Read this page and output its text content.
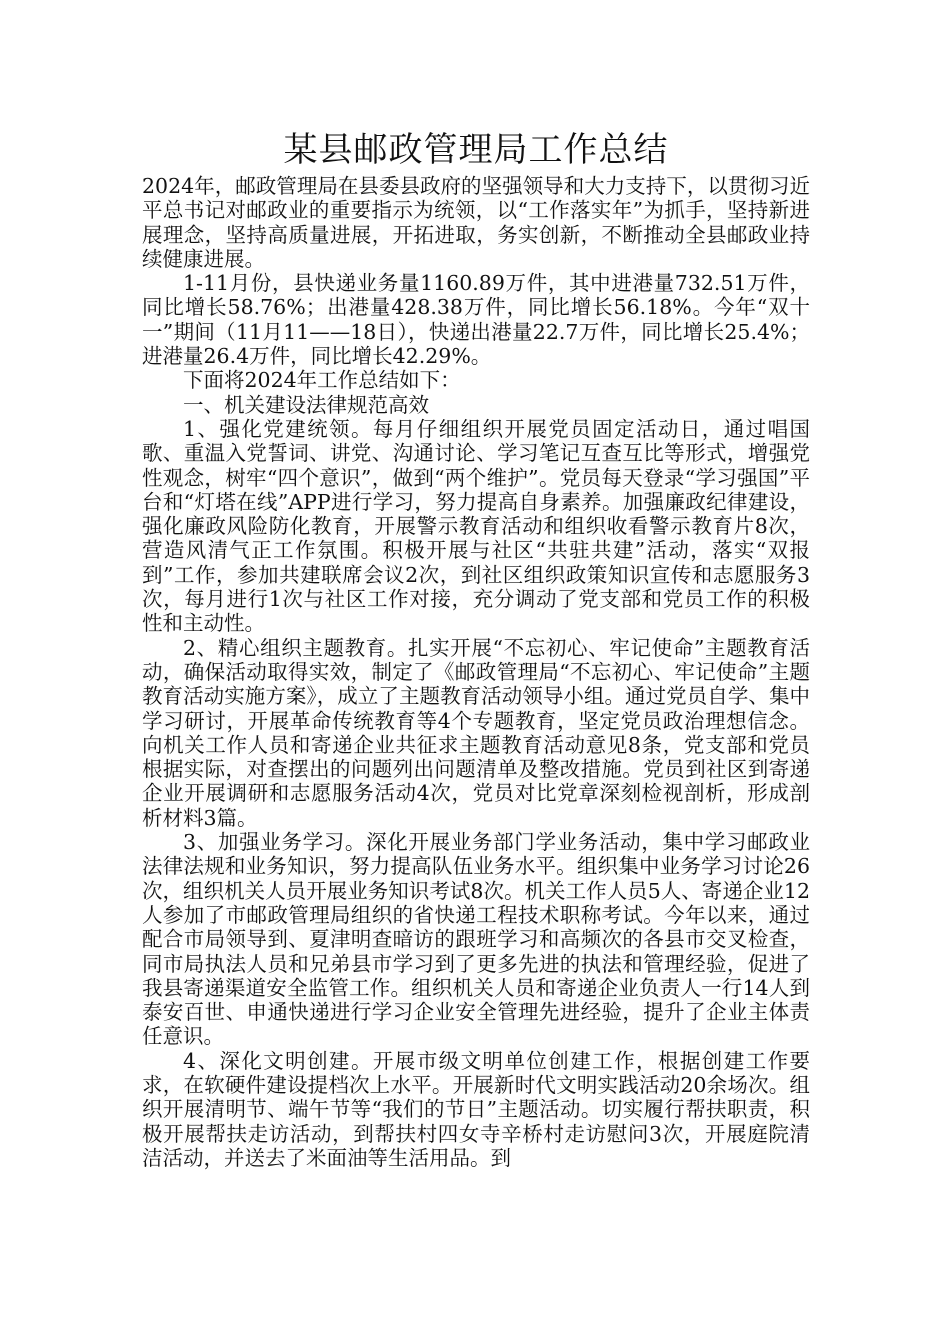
某县邮政管理局工作总结

2024年，邮政管理局在县委县政府的坚强领导和大力支持下，以贯彻习近平总书记对邮政业的重要指示为统领，以“工作落实年”为抓手，坚持新进展理念，坚持高质量进展，开拓进取，务实创新，不断推动全县邮政业持续健康进展。

1-11月份，县快递业务量1160.89万件，其中进港量732.51万件，同比增长58.76%；出港量428.38万件，同比增长56.18%。今年“双十一”期间（11月11——18日），快递出港量22.7万件，同比增长25.4%；进港量26.4万件，同比增长42.29%。

下面将2024年工作总结如下：

一、机关建设法律规范高效

1、强化党建统领。每月仔细组织开展党员固定活动日，通过唱国歌、重温入党誓词、讲党、沟通讨论、学习笔记互查互比等形式，增强党性观念，树牢“四个意识”，做到“两个维护”。党员每天登录“学习强国”平台和“灯塔在线”APP进行学习，努力提高自身素养。加强廉政纪律建设，强化廉政风险防化教育，开展警示教育活动和组织收看警示教育片8次，营造风清气正工作氛围。积极开展与社区“共驻共建”活动，落实“双报到”工作，参加共建联席会议2次，到社区组织政策知识宣传和志愿服务3次，每月进行1次与社区工作对接，充分调动了党支部和党员工作的积极性和主动性。

2、精心组织主题教育。扎实开展“不忘初心、牢记使命”主题教育活动，确保活动取得实效，制定了《邮政管理局“不忘初心、牢记使命”主题教育活动实施方案》，成立了主题教育活动领导小组。通过党员自学、集中学习研讨，开展革命传统教育等4个专题教育，坚定党员政治理想信念。向机关工作人员和寄递企业共征求主题教育活动意见8条，党支部和党员根据实际，对查摆出的问题列出问题清单及整改措施。党员到社区到寄递企业开展调研和志愿服务活动4次，党员对比党章深刻检视剖析，形成剖析材料3篇。

3、加强业务学习。深化开展业务部门学业务活动，集中学习邮政业法律法规和业务知识，努力提高队伍业务水平。组织集中业务学习讨论26次，组织机关人员开展业务知识考试8次。机关工作人员5人、寄递企业12人参加了市邮政管理局组织的省快递工程技术职称考试。今年以来，通过配合市局领导到、夏津明查暗访的跟班学习和高频次的各县市交叉检查，同市局执法人员和兄弟县市学习到了更多先进的执法和管理经验，促进了我县寄递渠道安全监管工作。组织机关人员和寄递企业负责人一行14人到泰安百世、申通快递进行学习企业安全管理先进经验，提升了企业主体责任意识。

4、深化文明创建。开展市级文明单位创建工作，根据创建工作要求，在软硬件建设提档次上水平。开展新时代文明实践活动20余场次。组织开展清明节、端午节等“我们的节日”主题活动。切实履行帮扶职责，积极开展帮扶走访活动，到帮扶村四女寺辛桥村走访慰问3次，开展庭院清洁活动，并送去了米面油等生活用品。到
